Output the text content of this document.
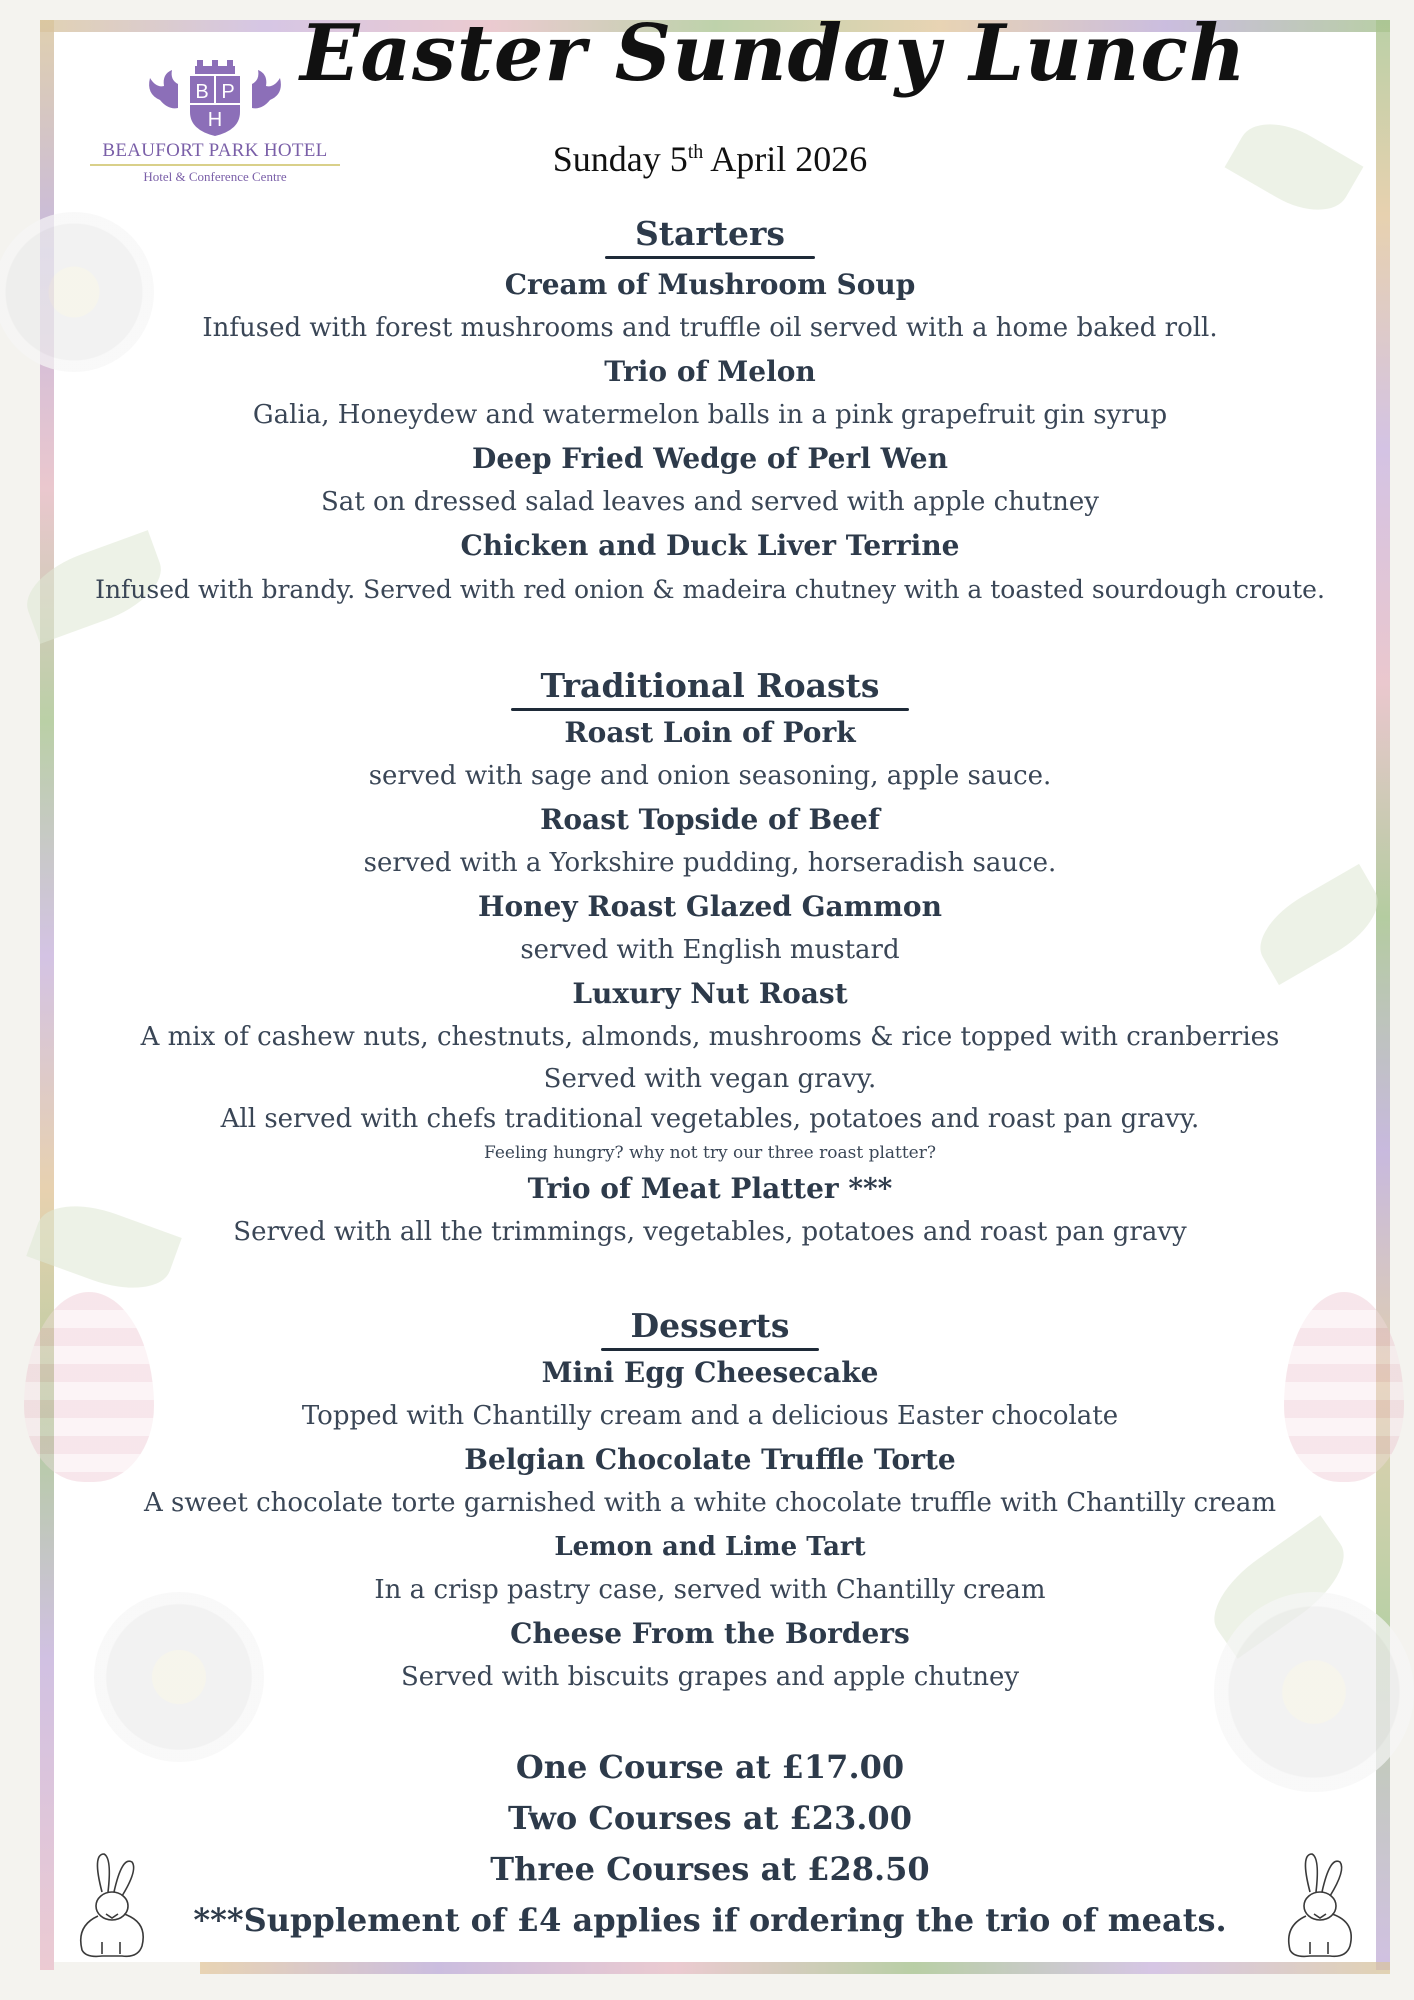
B P
H
BEAUFORT PARK HOTEL
Hotel & Conference Centre
Easter Sunday Lunch
Sunday 5th April 2026
Starters
Cream of Mushroom Soup
Infused with forest mushrooms and truffle oil served with a home baked roll.
Trio of Melon
Galia, Honeydew and watermelon balls in a pink grapefruit gin syrup
Deep Fried Wedge of Perl Wen
Sat on dressed salad leaves and served with apple chutney
Chicken and Duck Liver Terrine
Infused with brandy. Served with red onion & madeira chutney with a toasted sourdough croute.
Traditional Roasts
Roast Loin of Pork
served with sage and onion seasoning, apple sauce.
Roast Topside of Beef
served with a Yorkshire pudding, horseradish sauce.
Honey Roast Glazed Gammon
served with English mustard
Luxury Nut Roast
A mix of cashew nuts, chestnuts, almonds, mushrooms & rice topped with cranberries
Served with vegan gravy.
All served with chefs traditional vegetables, potatoes and roast pan gravy.
Feeling hungry? why not try our three roast platter?
Trio of Meat Platter ***
Served with all the trimmings, vegetables, potatoes and roast pan gravy
Desserts
Mini Egg Cheesecake
Topped with Chantilly cream and a delicious Easter chocolate
Belgian Chocolate Truffle Torte
A sweet chocolate torte garnished with a white chocolate truffle with Chantilly cream
Lemon and Lime Tart
In a crisp pastry case, served with Chantilly cream
Cheese From the Borders
Served with biscuits grapes and apple chutney
One Course at £17.00
Two Courses at £23.00
Three Courses at £28.50
***Supplement of £4 applies if ordering the trio of meats.
